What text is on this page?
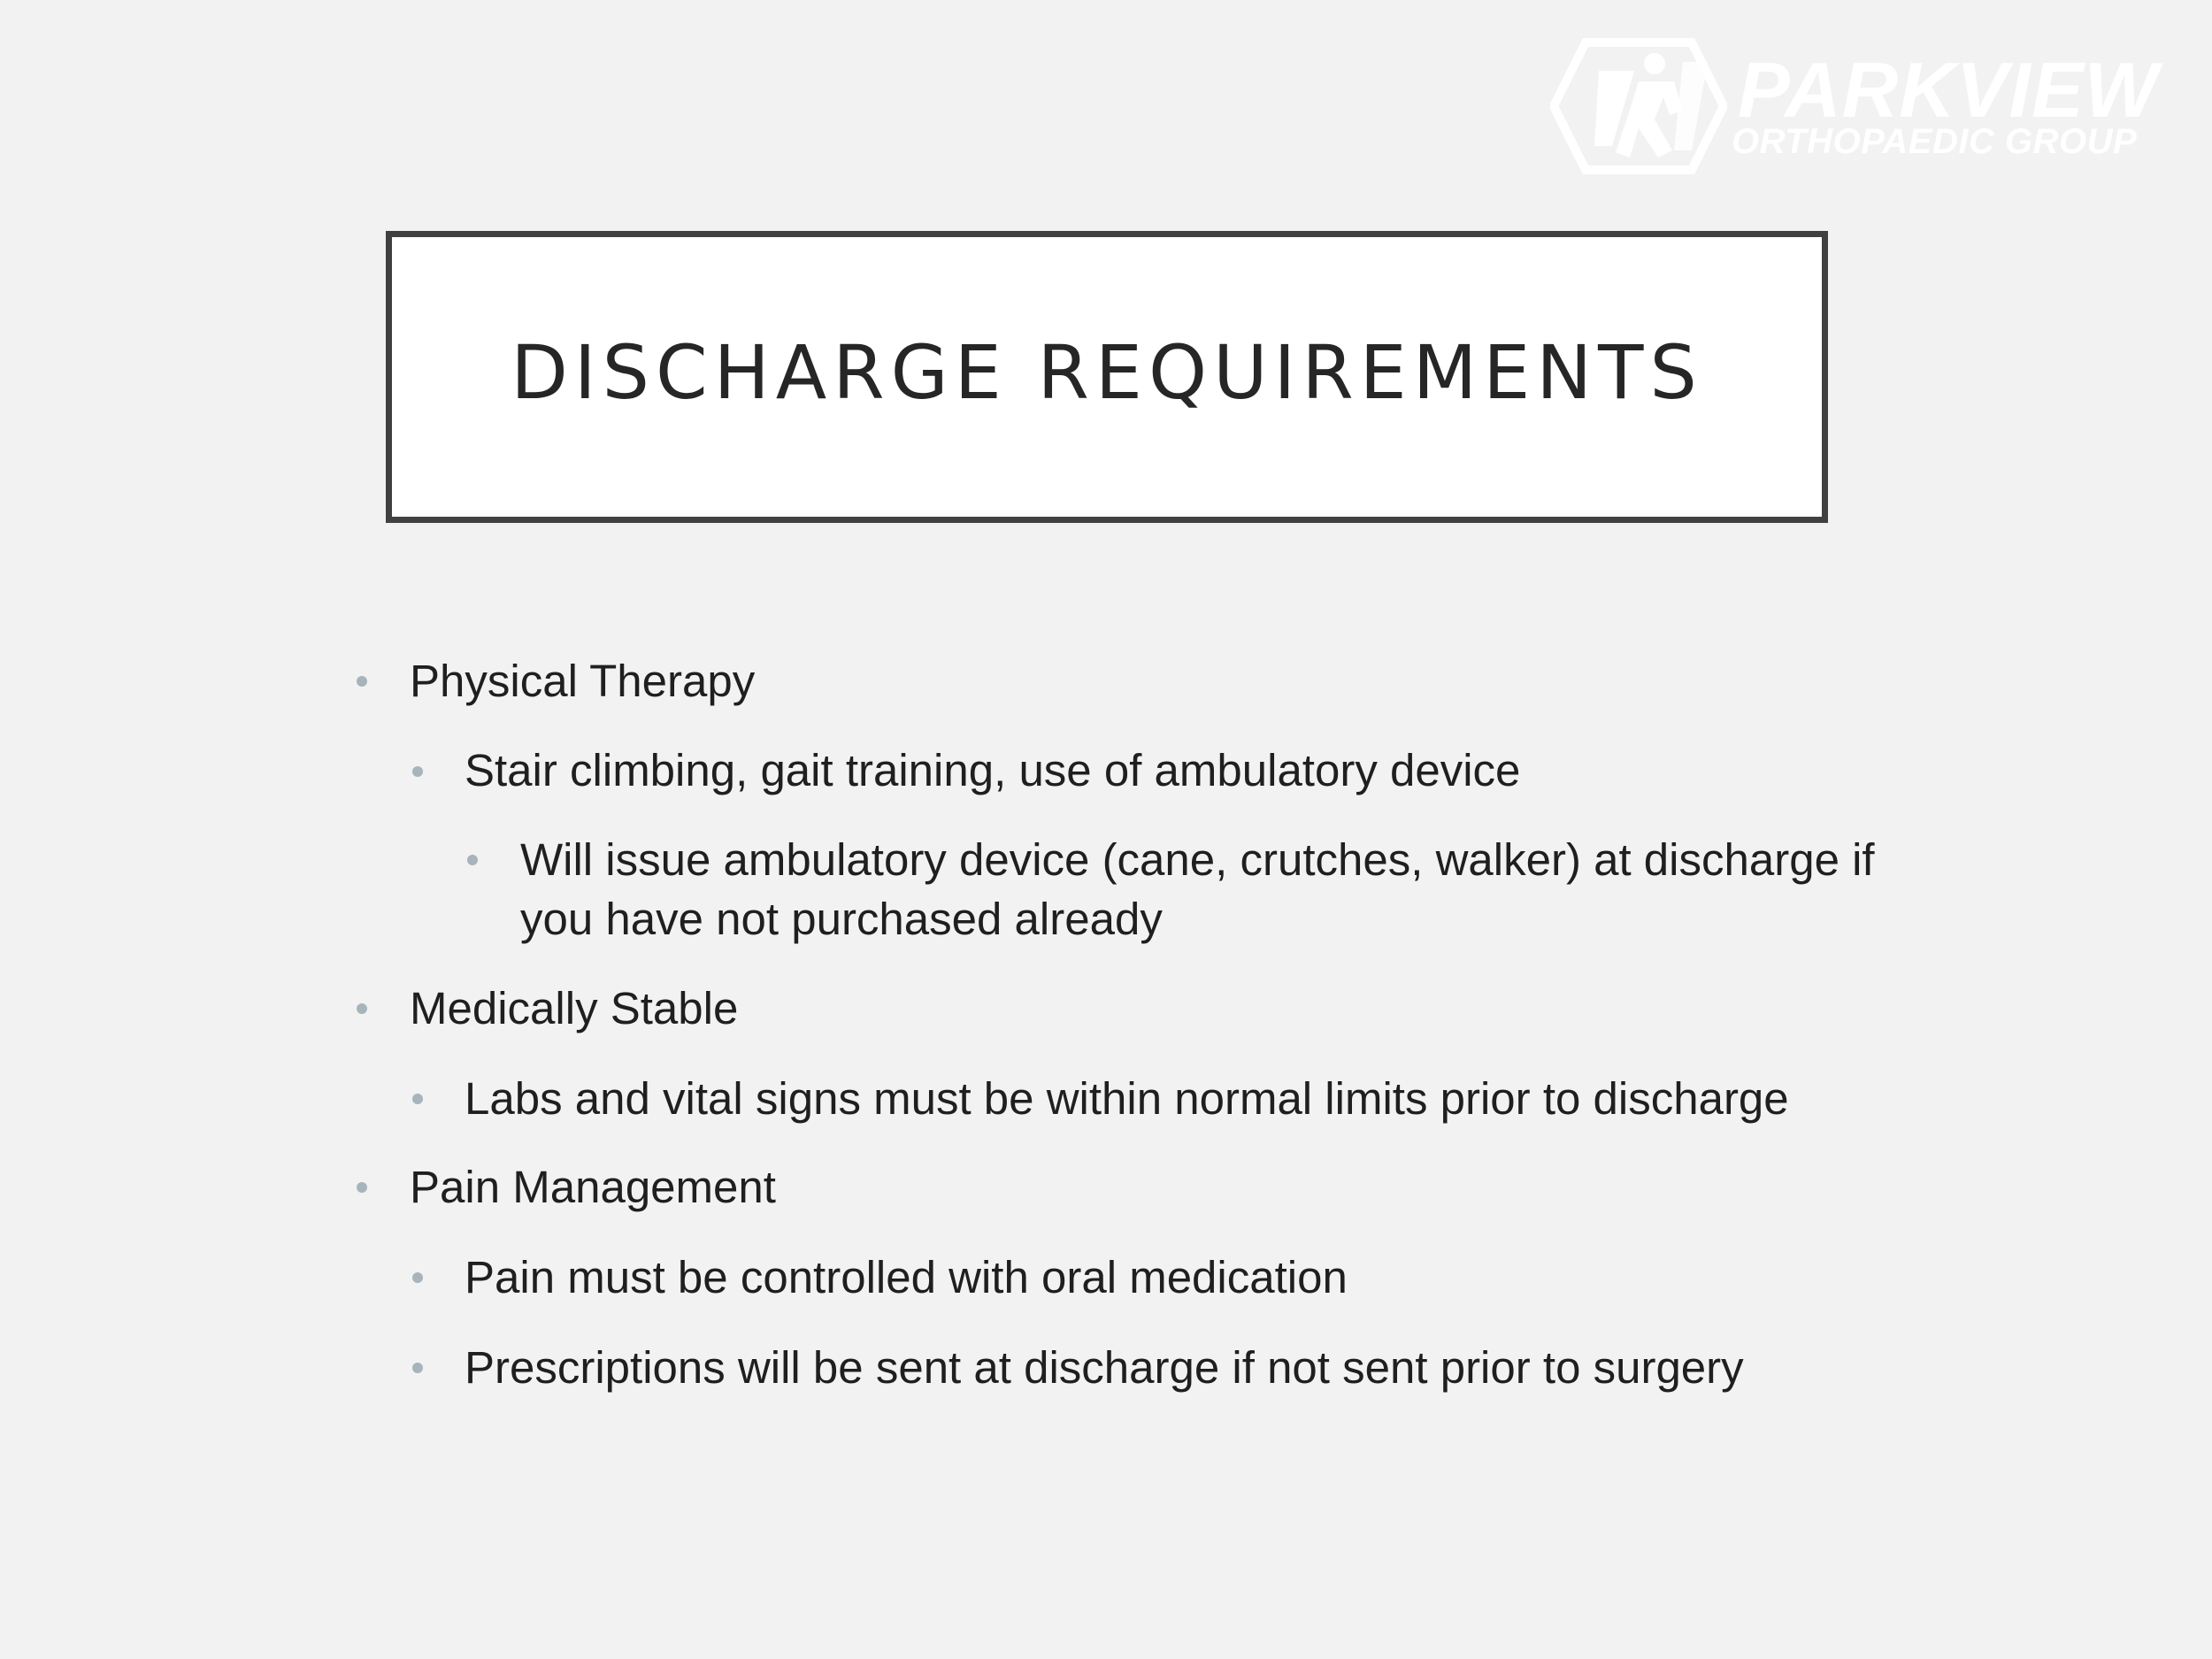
PARKVIEW
ORTHOPAEDIC GROUP
DISCHARGE REQUIREMENTS
Physical Therapy
Stair climbing, gait training, use of ambulatory device
Will issue ambulatory device (cane, crutches, walker) at discharge if
you have not purchased already
Medically Stable
Labs and vital signs must be within normal limits prior to discharge
Pain Management
Pain must be controlled with oral medication
Prescriptions will be sent at discharge if not sent prior to surgery
